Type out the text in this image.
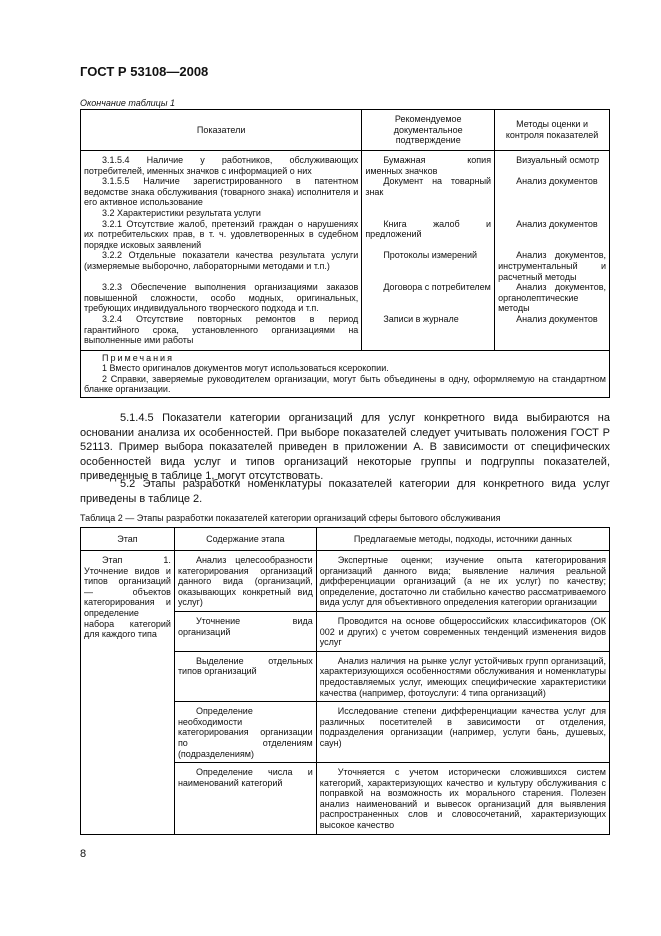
ГОСТ Р 53108—2008
Окончание таблицы 1
Показатели	Рекомендуемое документальное подтверждение	Методы оценки и контроля показателей
3.1.5.4 Наличие у работников, обслуживающих потребителей, именных значков с информацией о них	Бумажная копия именных значков	Визуальный осмотр
3.1.5.5 Наличие зарегистрированного в патентном ведомстве знака обслуживания (товарного знака) исполнителя и его активное использование	Документ на товарный знак	Анализ документов
3.2 Характеристики результата услуги		
3.2.1 Отсутствие жалоб, претензий граждан о нарушениях их потребительских прав, в т. ч. удовлетворенных в судебном порядке исковых заявлений	Книга жалоб и предложений	Анализ документов
3.2.2 Отдельные показатели качества результата услуги (измеряемые выборочно, лабораторными методами и т.п.)	Протоколы измерений	Анализ документов, инструментальный и расчетный методы
3.2.3 Обеспечение выполнения организациями заказов повышенной сложности, особо модных, оригинальных, требующих индивидуального творческого подхода и т.п.	Договора с потребителем	Анализ документов, органолептические методы
3.2.4 Отсутствие повторных ремонтов в период гарантийного срока, установленного организациями на выполненные ими работы	Записи в журнале	Анализ документов

Примечания
1 Вместо оригиналов документов могут использоваться ксерокопии.
2 Справки, заверяемые руководителем организации, могут быть объединены в одну, оформляемую на стандартном бланке организации.		
5.1.4.5 Показатели категории организаций для услуг конкретного вида выбираются на основании анализа их особенностей. При выборе показателей следует учитывать положения ГОСТ Р 52113. Пример выбора показателей приведен в приложении А. В зависимости от специфических особенностей вида услуг и типов организаций некоторые группы и подгруппы показателей, приведенные в таблице 1, могут отсутствовать.
5.2 Этапы разработки номенклатуры показателей категории для конкретного вида услуг приведены в таблице 2.
Таблица 2 — Этапы разработки показателей категории организаций сферы бытового обслуживания
Этап	Содержание этапа	Предлагаемые методы, подходы, источники данных
Этап 1. Уточнение видов и типов организаций — объектов категорирования и определение набора категорий для каждого типа	Анализ целесообразности категорирования организаций данного вида (организаций, оказывающих конкретный вид услуг)	Экспертные оценки; изучение опыта категорирования организаций данного вида; выявление наличия реальной дифференциации организаций (а не их услуг) по качеству; определение, достаточно ли стабильно качество рассматриваемого вида услуг для объективного определения категории организации
	Уточнение вида организаций	Проводится на основе общероссийских классификаторов (ОК 002 и других) с учетом современных тенденций изменения видов услуг
	Выделение отдельных типов организаций	Анализ наличия на рынке услуг устойчивых групп организаций, характеризующихся особенностями обслуживания и номенклатуры предоставляемых услуг, имеющих специфические характеристики качества (например, фотоуслуги: 4 типа организаций)
	Определение необходимости категорирования организации по отделениям (подразделениям)	Исследование степени дифференциации качества услуг для различных посетителей в зависимости от отделения, подразделения организации (например, услуги бань, душевых, саун)
	Определение числа и наименований категорий	Уточняется с учетом исторически сложившихся систем категорий, характеризующих качество и культуру обслуживания с поправкой на возможность их морального старения. Полезен анализ наименований и вывесок организаций для выявления распространенных слов и словосочетаний, характеризующих высокое качество
8
